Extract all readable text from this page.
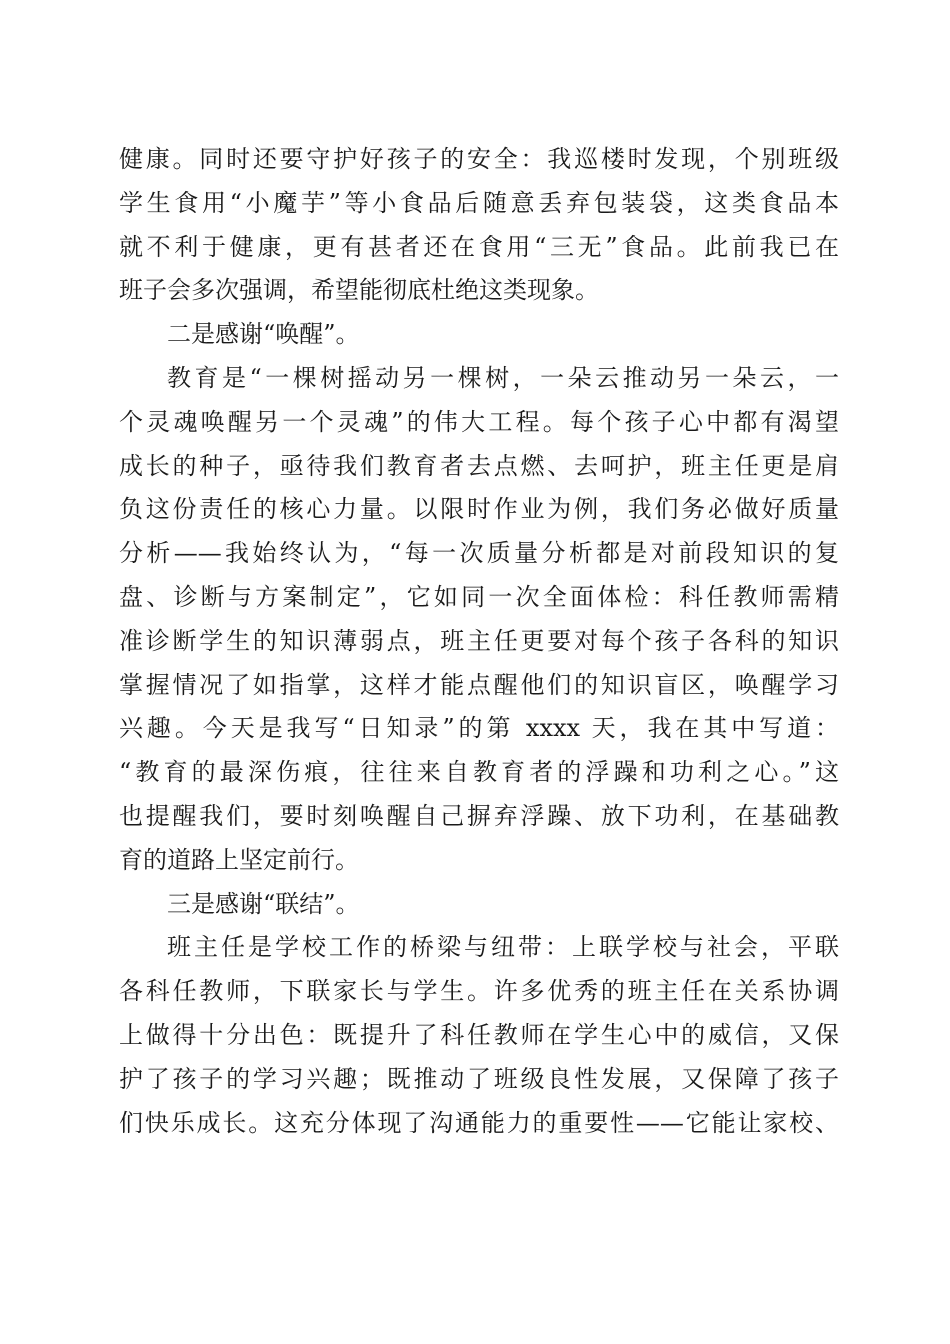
健康。同时还要守护好孩子的安全：我巡楼时发现，个别班级
学生食用“小魔芋”等小食品后随意丢弃包装袋，这类食品本
就不利于健康，更有甚者还在食用“三无”食品。此前我已在
班子会多次强调，希望能彻底杜绝这类现象。
二是感谢“唤醒”。
教育是“一棵树摇动另一棵树，一朵云推动另一朵云，一
个灵魂唤醒另一个灵魂”的伟大工程。每个孩子心中都有渴望
成长的种子，亟待我们教育者去点燃、去呵护，班主任更是肩
负这份责任的核心力量。以限时作业为例，我们务必做好质量
分析——我始终认为，“每一次质量分析都是对前段知识的复
盘、诊断与方案制定”，它如同一次全面体检：科任教师需精
准诊断学生的知识薄弱点，班主任更要对每个孩子各科的知识
掌握情况了如指掌，这样才能点醒他们的知识盲区，唤醒学习
兴趣。今天是我写“日知录”的第 xxxx 天，我在其中写道：
“教育的最深伤痕，往往来自教育者的浮躁和功利之心。”这
也提醒我们，要时刻唤醒自己摒弃浮躁、放下功利，在基础教
育的道路上坚定前行。
三是感谢“联结”。
班主任是学校工作的桥梁与纽带：上联学校与社会，平联
各科任教师，下联家长与学生。许多优秀的班主任在关系协调
上做得十分出色：既提升了科任教师在学生心中的威信，又保
护了孩子的学习兴趣；既推动了班级良性发展，又保障了孩子
们快乐成长。这充分体现了沟通能力的重要性——它能让家校、
